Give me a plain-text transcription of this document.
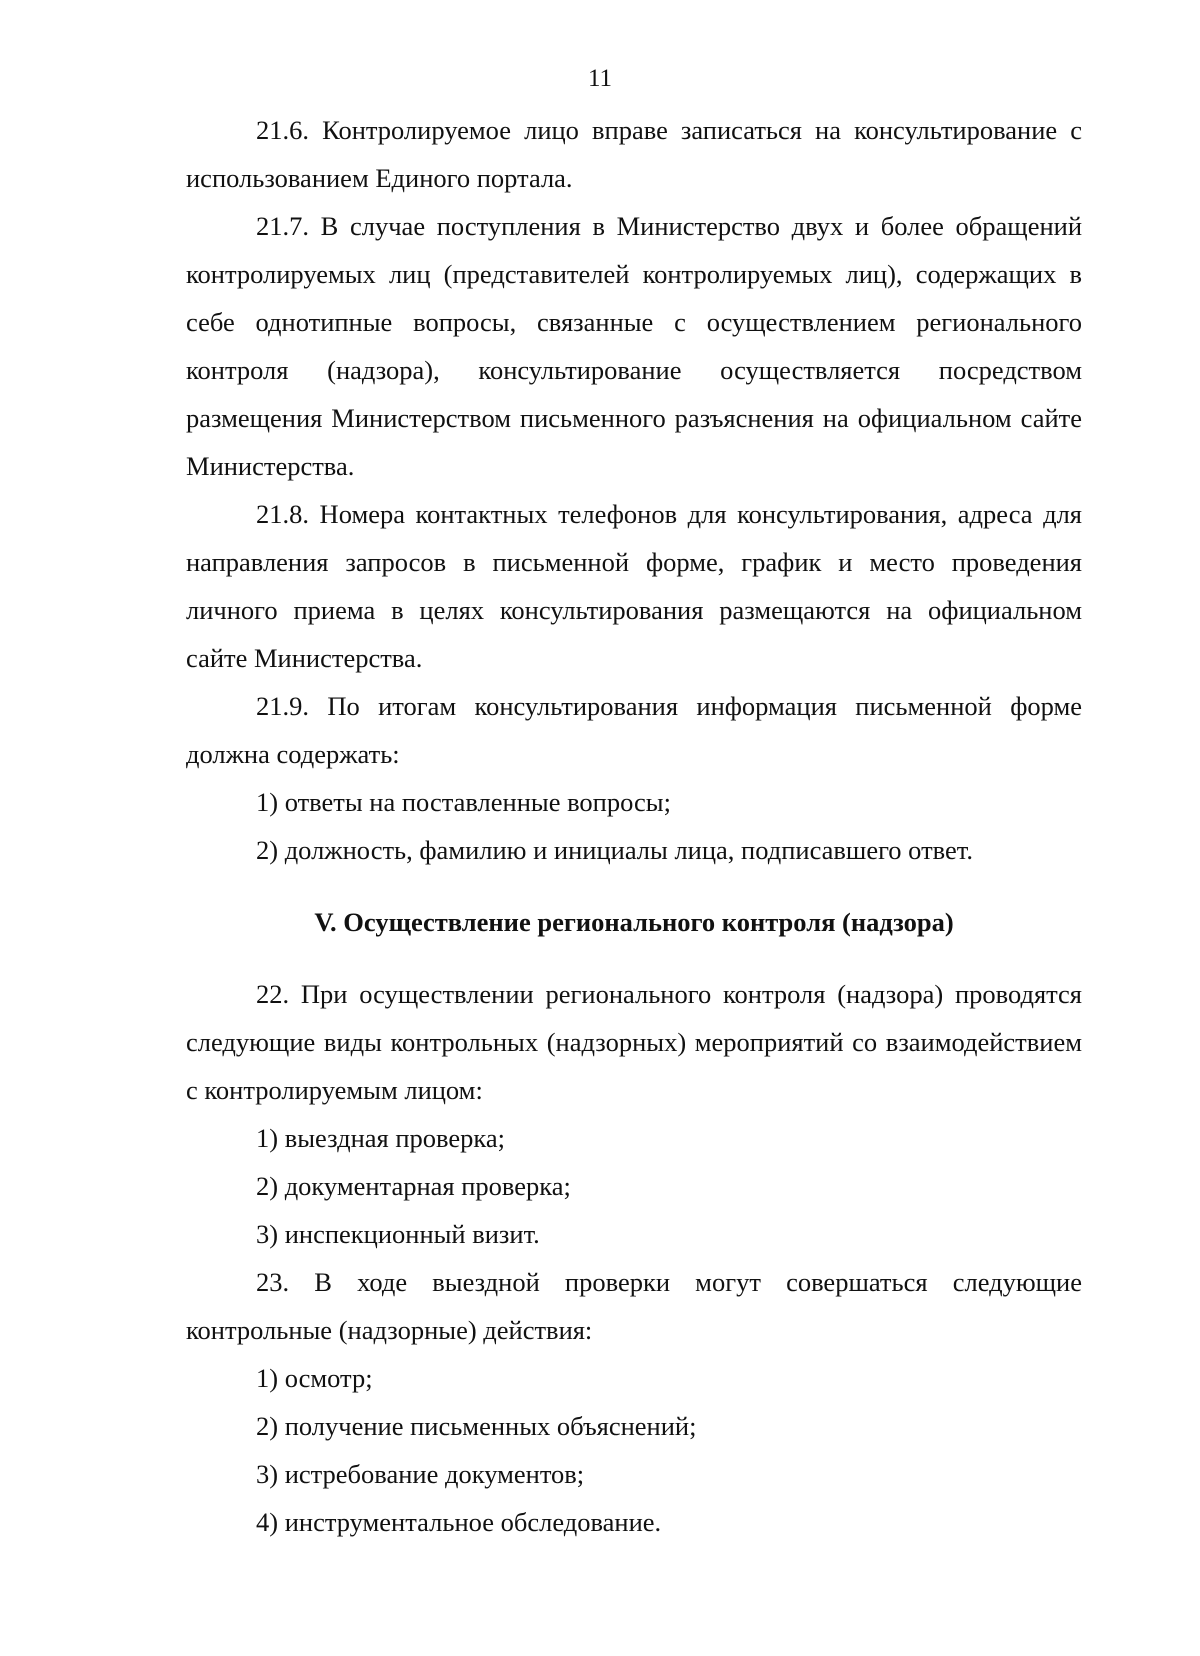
11

21.6. Контролируемое лицо вправе записаться на консультирование с использованием Единого портала.

21.7. В случае поступления в Министерство двух и более обращений контролируемых лиц (представителей контролируемых лиц), содержащих в себе однотипные вопросы, связанные с осуществлением регионального контроля (надзора), консультирование осуществляется посредством размещения Министерством письменного разъяснения на официальном сайте Министерства.

21.8. Номера контактных телефонов для консультирования, адреса для направления запросов в письменной форме, график и место проведения личного приема в целях консультирования размещаются на официальном сайте Министерства.

21.9. По итогам консультирования информация письменной форме должна содержать:

1) ответы на поставленные вопросы;

2) должность, фамилию и инициалы лица, подписавшего ответ.

V. Осуществление регионального контроля (надзора)

22. При осуществлении регионального контроля (надзора) проводятся следующие виды контрольных (надзорных) мероприятий со взаимодействием с контролируемым лицом:

1) выездная проверка;

2) документарная проверка;

3) инспекционный визит.

23. В ходе выездной проверки могут совершаться следующие контрольные (надзорные) действия:

1) осмотр;

2) получение письменных объяснений;

3) истребование документов;

4) инструментальное обследование.
